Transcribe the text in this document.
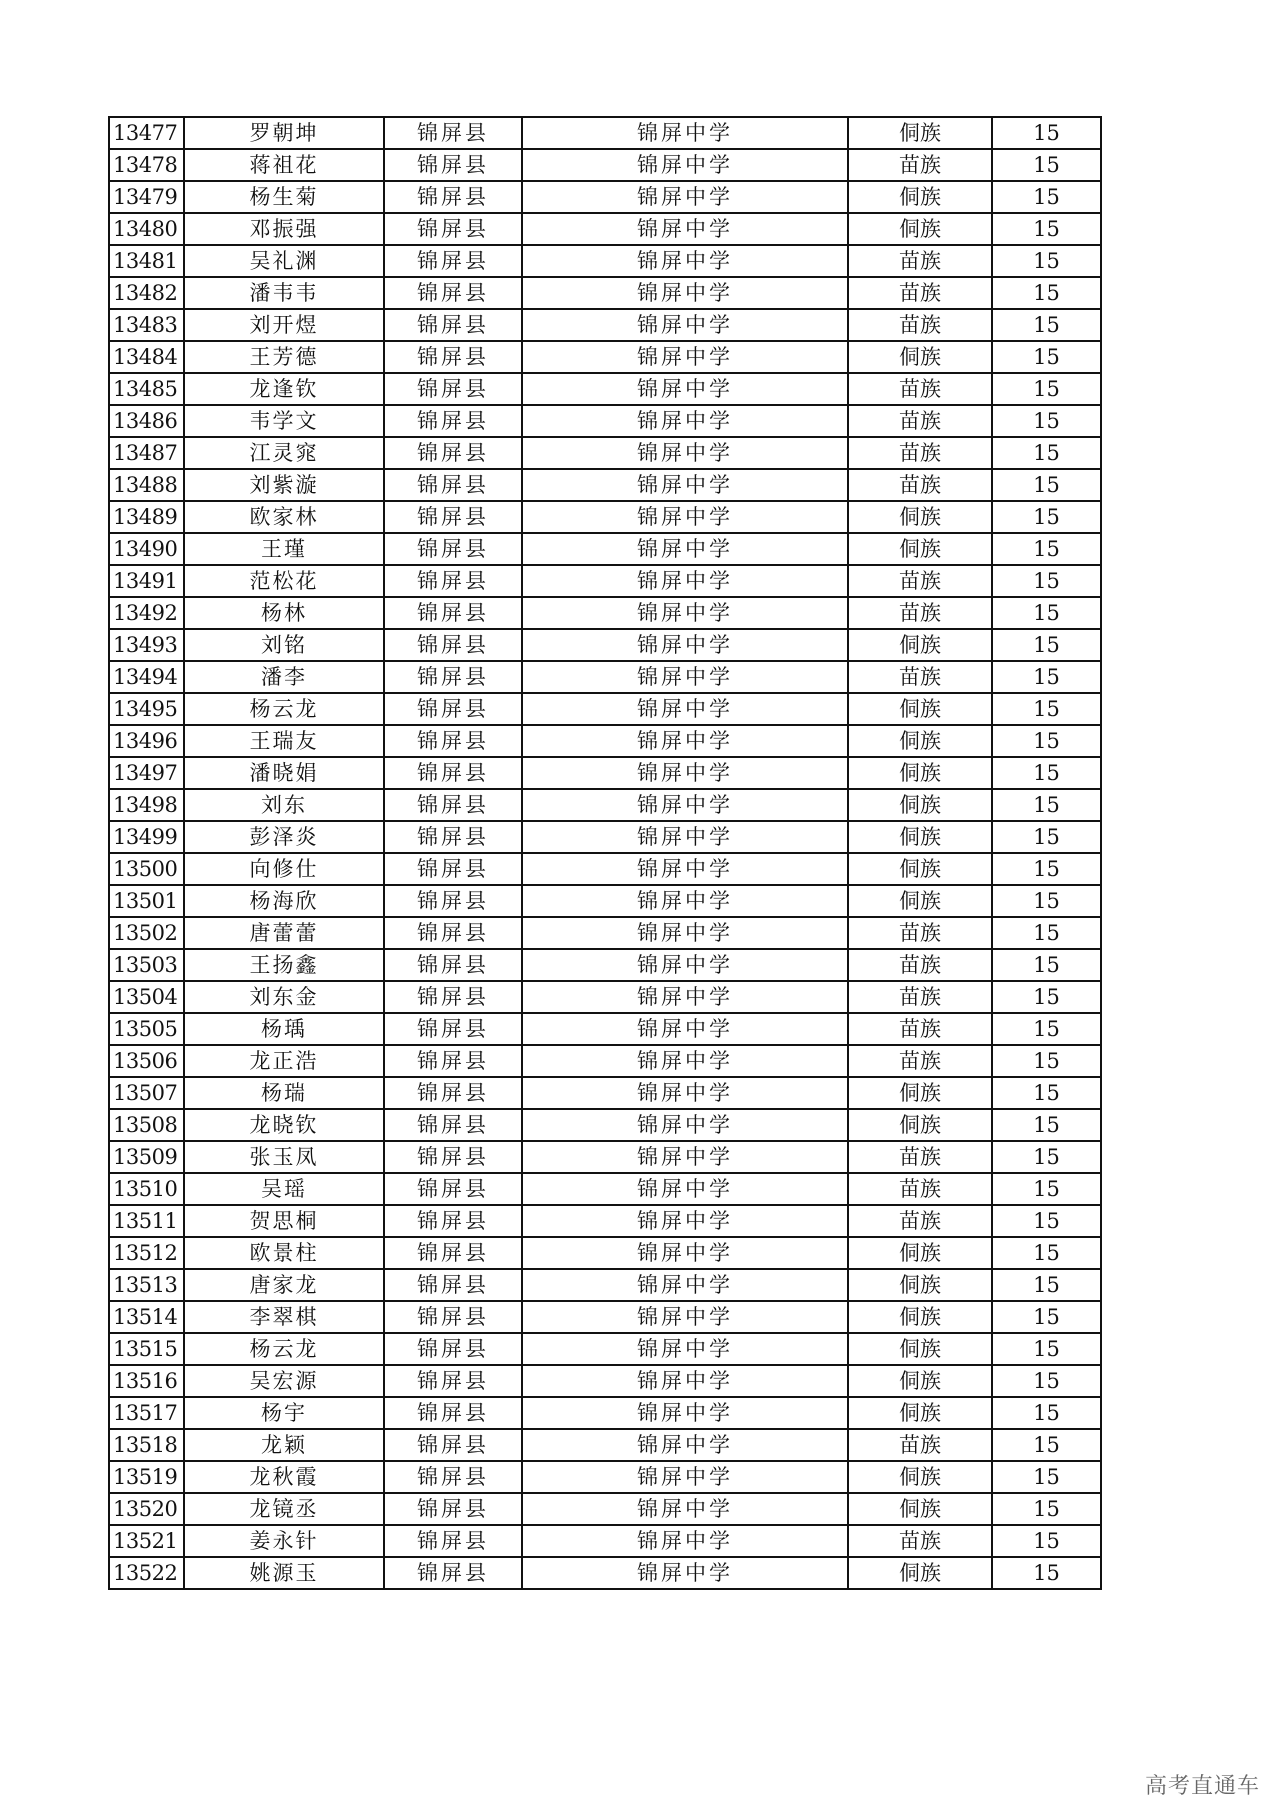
13477	罗朝坤	锦屏县	锦屏中学	侗族	15
13478	蒋祖花	锦屏县	锦屏中学	苗族	15
13479	杨生菊	锦屏县	锦屏中学	侗族	15
13480	邓振强	锦屏县	锦屏中学	侗族	15
13481	吴礼渊	锦屏县	锦屏中学	苗族	15
13482	潘韦韦	锦屏县	锦屏中学	苗族	15
13483	刘开煜	锦屏县	锦屏中学	苗族	15
13484	王芳德	锦屏县	锦屏中学	侗族	15
13485	龙逢钦	锦屏县	锦屏中学	苗族	15
13486	韦学文	锦屏县	锦屏中学	苗族	15
13487	江灵窕	锦屏县	锦屏中学	苗族	15
13488	刘紫漩	锦屏县	锦屏中学	苗族	15
13489	欧家林	锦屏县	锦屏中学	侗族	15
13490	王瑾	锦屏县	锦屏中学	侗族	15
13491	范松花	锦屏县	锦屏中学	苗族	15
13492	杨林	锦屏县	锦屏中学	苗族	15
13493	刘铭	锦屏县	锦屏中学	侗族	15
13494	潘李	锦屏县	锦屏中学	苗族	15
13495	杨云龙	锦屏县	锦屏中学	侗族	15
13496	王瑞友	锦屏县	锦屏中学	侗族	15
13497	潘晓娟	锦屏县	锦屏中学	侗族	15
13498	刘东	锦屏县	锦屏中学	侗族	15
13499	彭泽炎	锦屏县	锦屏中学	侗族	15
13500	向修仕	锦屏县	锦屏中学	侗族	15
13501	杨海欣	锦屏县	锦屏中学	侗族	15
13502	唐蕾蕾	锦屏县	锦屏中学	苗族	15
13503	王扬鑫	锦屏县	锦屏中学	苗族	15
13504	刘东金	锦屏县	锦屏中学	苗族	15
13505	杨瑀	锦屏县	锦屏中学	苗族	15
13506	龙正浩	锦屏县	锦屏中学	苗族	15
13507	杨瑞	锦屏县	锦屏中学	侗族	15
13508	龙晓钦	锦屏县	锦屏中学	侗族	15
13509	张玉凤	锦屏县	锦屏中学	苗族	15
13510	吴瑶	锦屏县	锦屏中学	苗族	15
13511	贺思桐	锦屏县	锦屏中学	苗族	15
13512	欧景柱	锦屏县	锦屏中学	侗族	15
13513	唐家龙	锦屏县	锦屏中学	侗族	15
13514	李翠棋	锦屏县	锦屏中学	侗族	15
13515	杨云龙	锦屏县	锦屏中学	侗族	15
13516	吴宏源	锦屏县	锦屏中学	侗族	15
13517	杨宇	锦屏县	锦屏中学	侗族	15
13518	龙颖	锦屏县	锦屏中学	苗族	15
13519	龙秋霞	锦屏县	锦屏中学	侗族	15
13520	龙镜丞	锦屏县	锦屏中学	侗族	15
13521	姜永针	锦屏县	锦屏中学	苗族	15
13522	姚源玉	锦屏县	锦屏中学	侗族	15
高考直通车
